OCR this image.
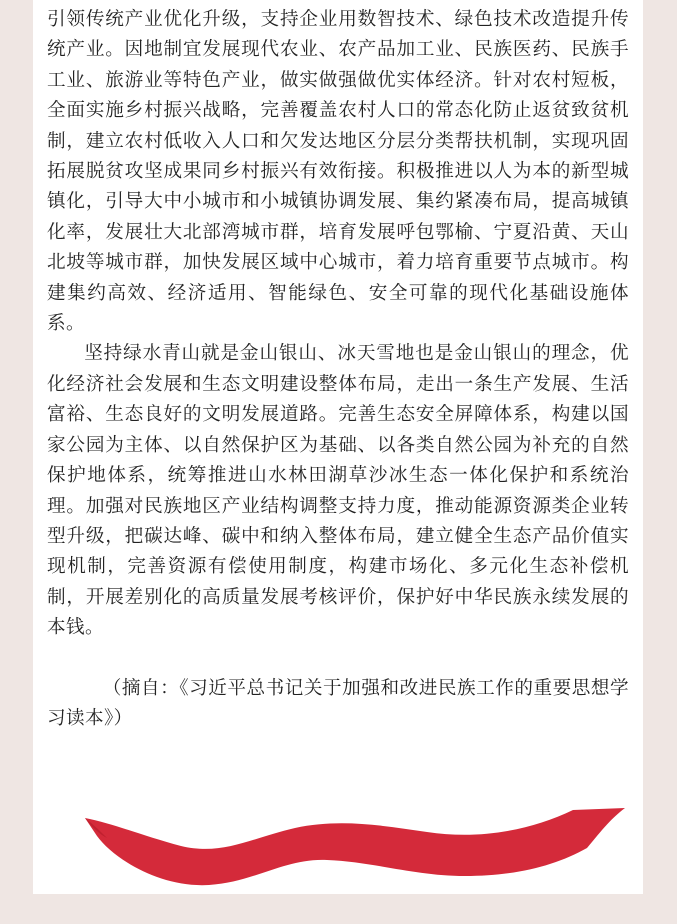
引领传统产业优化升级，支持企业用数智技术、绿色技术改造提升传统产业。因地制宜发展现代农业、农产品加工业、民族医药、民族手工业、旅游业等特色产业，做实做强做优实体经济。针对农村短板，全面实施乡村振兴战略，完善覆盖农村人口的常态化防止返贫致贫机制，建立农村低收入人口和欠发达地区分层分类帮扶机制，实现巩固拓展脱贫攻坚成果同乡村振兴有效衔接。积极推进以人为本的新型城镇化，引导大中小城市和小城镇协调发展、集约紧凑布局，提高城镇化率，发展壮大北部湾城市群，培育发展呼包鄂榆、宁夏沿黄、天山北坡等城市群，加快发展区域中心城市，着力培育重要节点城市。构建集约高效、经济适用、智能绿色、安全可靠的现代化基础设施体系。

坚持绿水青山就是金山银山、冰天雪地也是金山银山的理念，优化经济社会发展和生态文明建设整体布局，走出一条生产发展、生活富裕、生态良好的文明发展道路。完善生态安全屏障体系，构建以国家公园为主体、以自然保护区为基础、以各类自然公园为补充的自然保护地体系，统筹推进山水林田湖草沙冰生态一体化保护和系统治理。加强对民族地区产业结构调整支持力度，推动能源资源类企业转型升级，把碳达峰、碳中和纳入整体布局，建立健全生态产品价值实现机制，完善资源有偿使用制度，构建市场化、多元化生态补偿机制，开展差别化的高质量发展考核评价，保护好中华民族永续发展的本钱。

（摘自：《习近平总书记关于加强和改进民族工作的重要思想学习读本》）
